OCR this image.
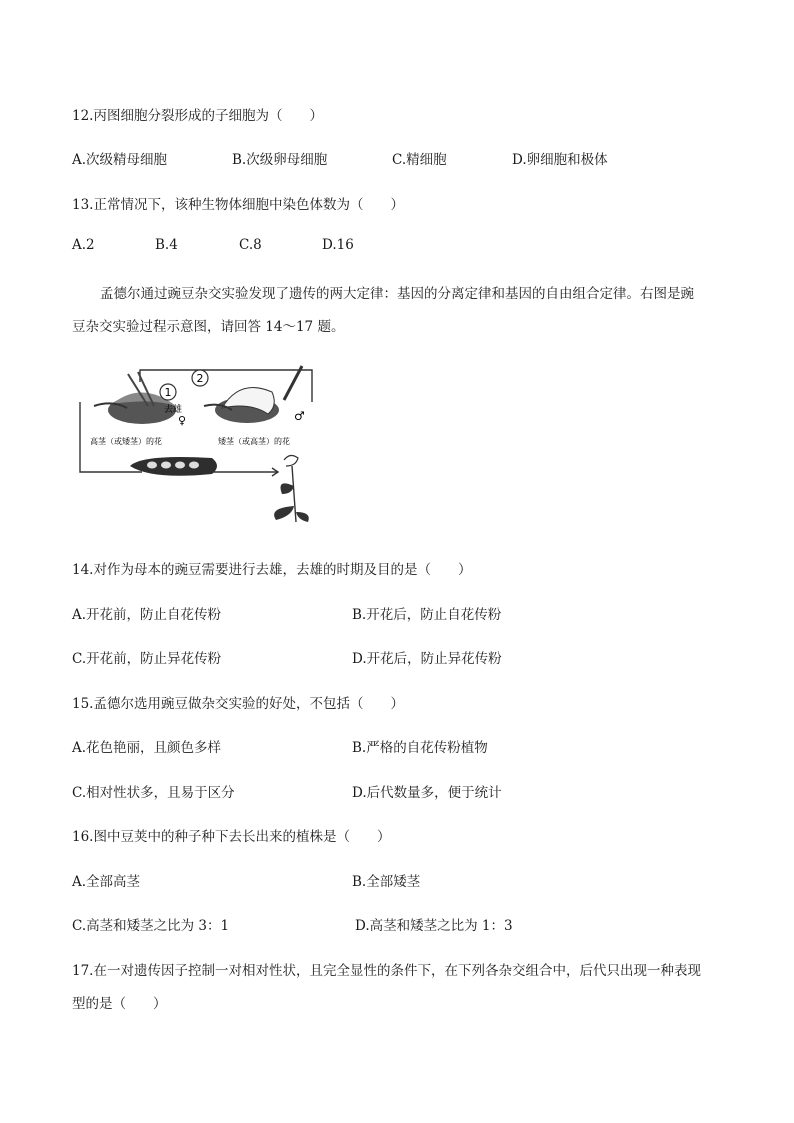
12.丙图细胞分裂形成的子细胞为（　　）
A.次级精母细胞	B.次级卵母细胞	C.精细胞	D.卵细胞和极体
13.正常情况下，该种生物体细胞中染色体数为（　　）
A.2	B.4	C.8	D.16
孟德尔通过豌豆杂交实验发现了遗传的两大定律：基因的分离定律和基因的自由组合定律。右图是豌
豆杂交实验过程示意图，请回答 14～17 题。
1
去雄
♀
2
♂
高茎（或矮茎）的花	矮茎（或高茎）的花
14.对作为母本的豌豆需要进行去雄，去雄的时期及目的是（　　）
A.开花前，防止自花传粉	B.开花后，防止自花传粉
C.开花前，防止异花传粉	D.开花后，防止异花传粉
15.孟德尔选用豌豆做杂交实验的好处，不包括（　　）
A.花色艳丽，且颜色多样	B.严格的自花传粉植物
C.相对性状多，且易于区分	D.后代数量多，便于统计
16.图中豆荚中的种子种下去长出来的植株是（　　）
A.全部高茎	B.全部矮茎
C.高茎和矮茎之比为 3：1	D.高茎和矮茎之比为 1：3
17.在一对遗传因子控制一对相对性状，且完全显性的条件下，在下列各杂交组合中，后代只出现一种表现
型的是（　　）
